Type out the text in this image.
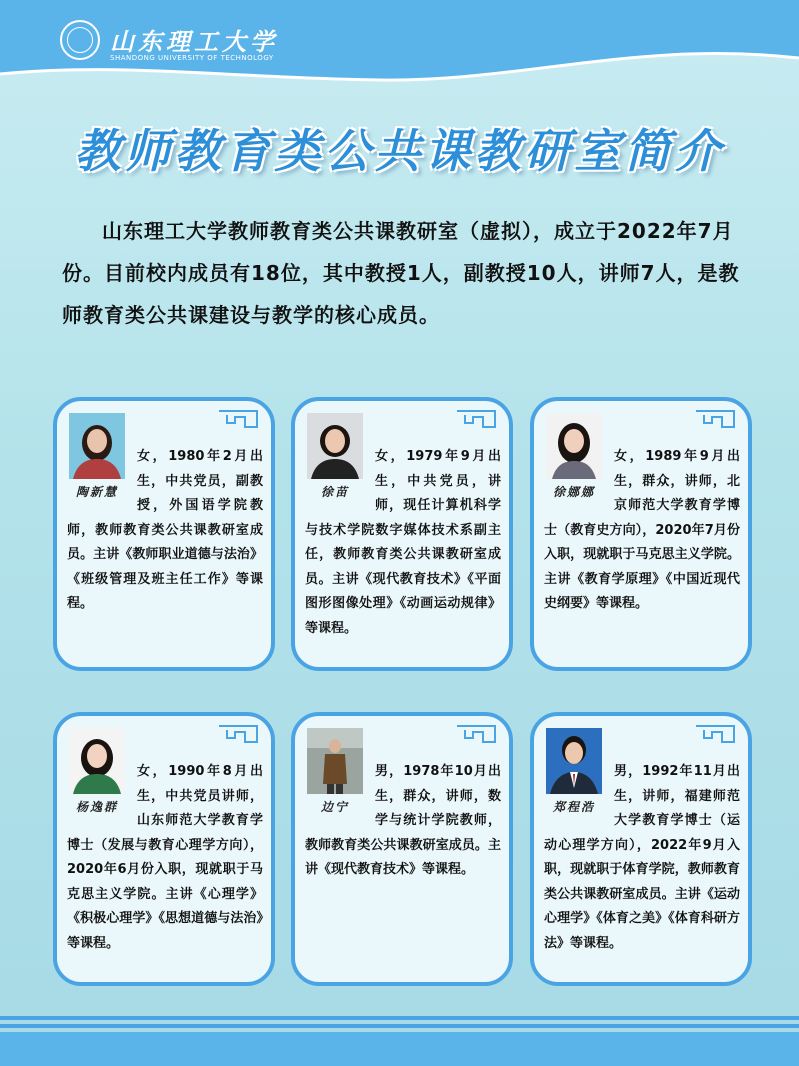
山东理工大学
SHANDONG UNIVERSITY OF TECHNOLOGY
教师教育类公共课教研室简介

山东理工大学教师教育类公共课教研室（虚拟），成立于2022年7月份。目前校内成员有18位，其中教授1人，副教授10人，讲师7人，是教师教育类公共课建设与教学的核心成员。

陶新慧
女，1980年2月出生，中共党员，副教授，外国语学院教师，教师教育类公共课教研室成员。主讲《教师职业道德与法治》《班级管理及班主任工作》等课程。
徐苗
女，1979年9月出生，中共党员，讲师，现任计算机科学与技术学院数字媒体技术系副主任，教师教育类公共课教研室成员。主讲《现代教育技术》《平面图形图像处理》《动画运动规律》等课程。
徐娜娜
女，1989年9月出生，群众，讲师，北京师范大学教育学博士（教育史方向），2020年7月份入职，现就职于马克思主义学院。主讲《教育学原理》《中国近现代史纲要》等课程。
杨逸群
女，1990年8月出生，中共党员讲师，山东师范大学教育学博士（发展与教育心理学方向），2020年6月份入职，现就职于马克思主义学院。主讲《心理学》《积极心理学》《思想道德与法治》等课程。
边宁
男，1978年10月出生，群众，讲师，数学与统计学院教师，教师教育类公共课教研室成员。主讲《现代教育技术》等课程。
郑程浩
男，1992年11月出生，讲师，福建师范大学教育学博士（运动心理学方向），2022年9月入职，现就职于体育学院，教师教育类公共课教研室成员。主讲《运动心理学》《体育之美》《体育科研方法》等课程。
